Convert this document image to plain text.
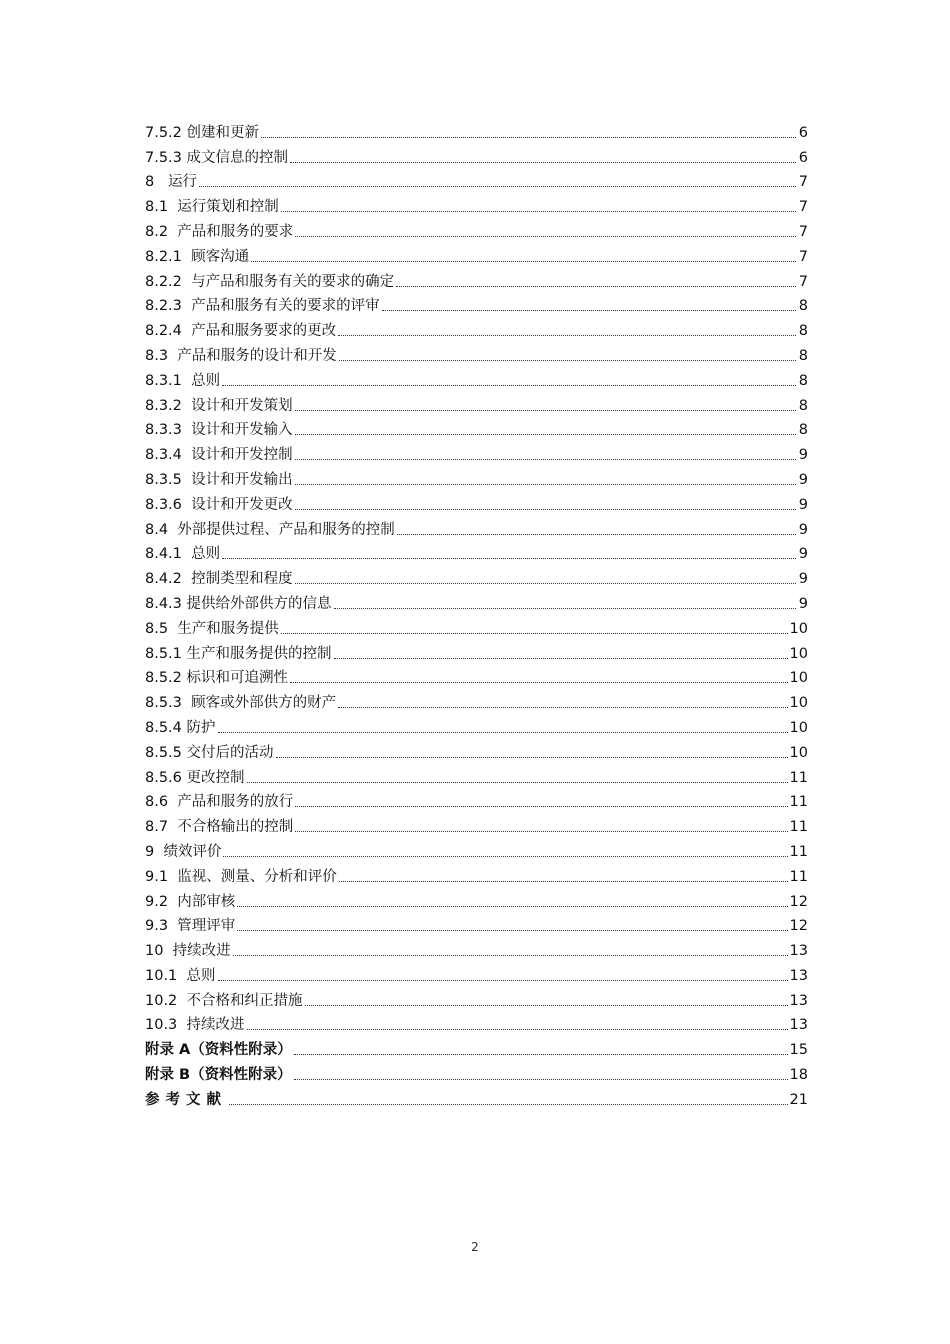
7.5.2 创建和更新	6
7.5.3 成文信息的控制	6
8   运行	7
8.1  运行策划和控制	7
8.2  产品和服务的要求	7
8.2.1  顾客沟通	7
8.2.2  与产品和服务有关的要求的确定	7
8.2.3  产品和服务有关的要求的评审	8
8.2.4  产品和服务要求的更改	8
8.3  产品和服务的设计和开发	8
8.3.1  总则	8
8.3.2  设计和开发策划	8
8.3.3  设计和开发输入	8
8.3.4  设计和开发控制	9
8.3.5  设计和开发输出	9
8.3.6  设计和开发更改	9
8.4  外部提供过程、产品和服务的控制	9
8.4.1  总则	9
8.4.2  控制类型和程度	9
8.4.3 提供给外部供方的信息	9
8.5  生产和服务提供	10
8.5.1 生产和服务提供的控制	10
8.5.2 标识和可追溯性	10
8.5.3  顾客或外部供方的财产	10
8.5.4 防护	10
8.5.5 交付后的活动	10
8.5.6 更改控制	11
8.6  产品和服务的放行	11
8.7  不合格输出的控制	11
9  绩效评价	11
9.1  监视、测量、分析和评价	11
9.2  内部审核	12
9.3  管理评审	12
10  持续改进	13
10.1  总则	13
10.2  不合格和纠正措施	13
10.3  持续改进	13
附录 A（资料性附录）	15
附录 B（资料性附录）	18
参考文献	21
2
